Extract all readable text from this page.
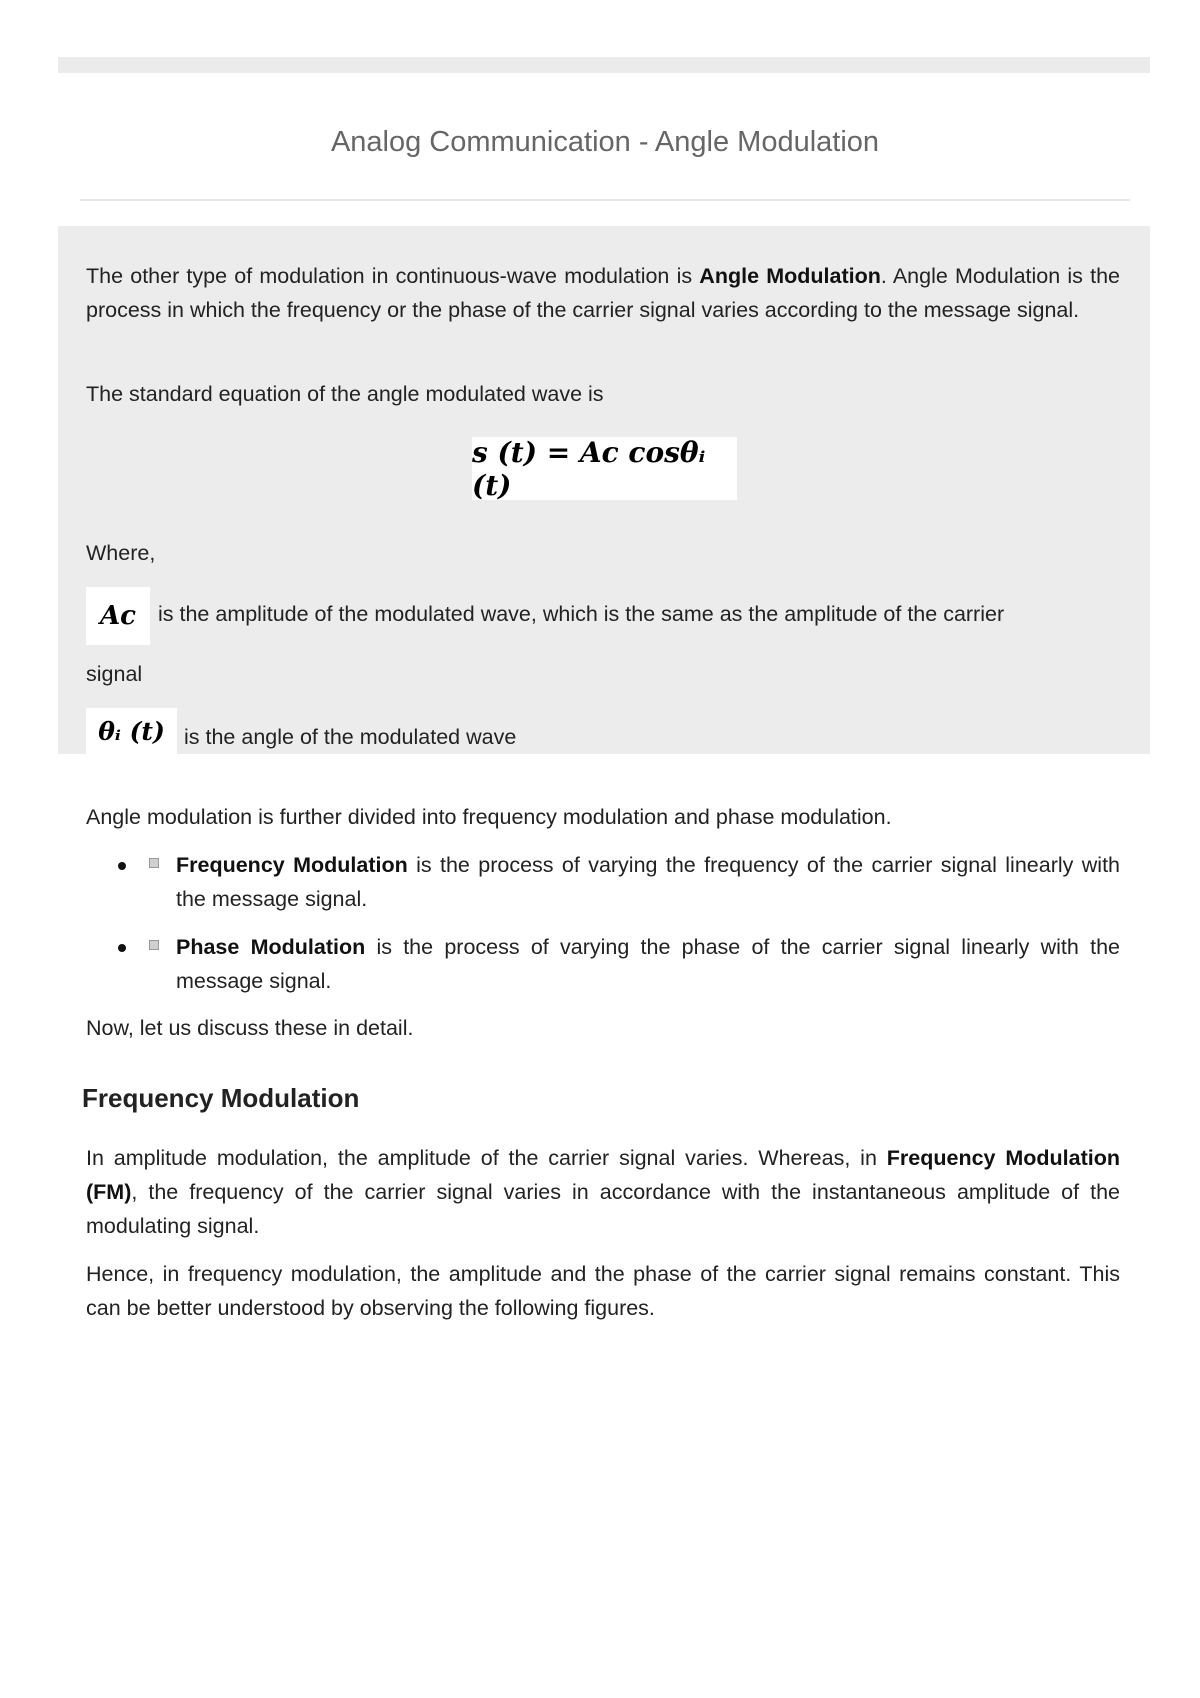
Analog Communication - Angle Modulation

The other type of modulation in continuous-wave modulation is Angle Modulation. Angle Modulation is the process in which the frequency or the phase of the carrier signal varies according to the message signal.

The standard equation of the angle modulated wave is

s (t) = Ac cosθᵢ (t)

Where,

Ac is the amplitude of the modulated wave, which is the same as the amplitude of the carrier

signal

θᵢ (t) is the angle of the modulated wave

Angle modulation is further divided into frequency modulation and phase modulation.

Frequency Modulation is the process of varying the frequency of the carrier signal linearly with the message signal.

Phase Modulation is the process of varying the phase of the carrier signal linearly with the message signal.

Now, let us discuss these in detail.

Frequency Modulation

In amplitude modulation, the amplitude of the carrier signal varies. Whereas, in Frequency Modulation (FM), the frequency of the carrier signal varies in accordance with the instantaneous amplitude of the modulating signal.

Hence, in frequency modulation, the amplitude and the phase of the carrier signal remains constant. This can be better understood by observing the following figures.
